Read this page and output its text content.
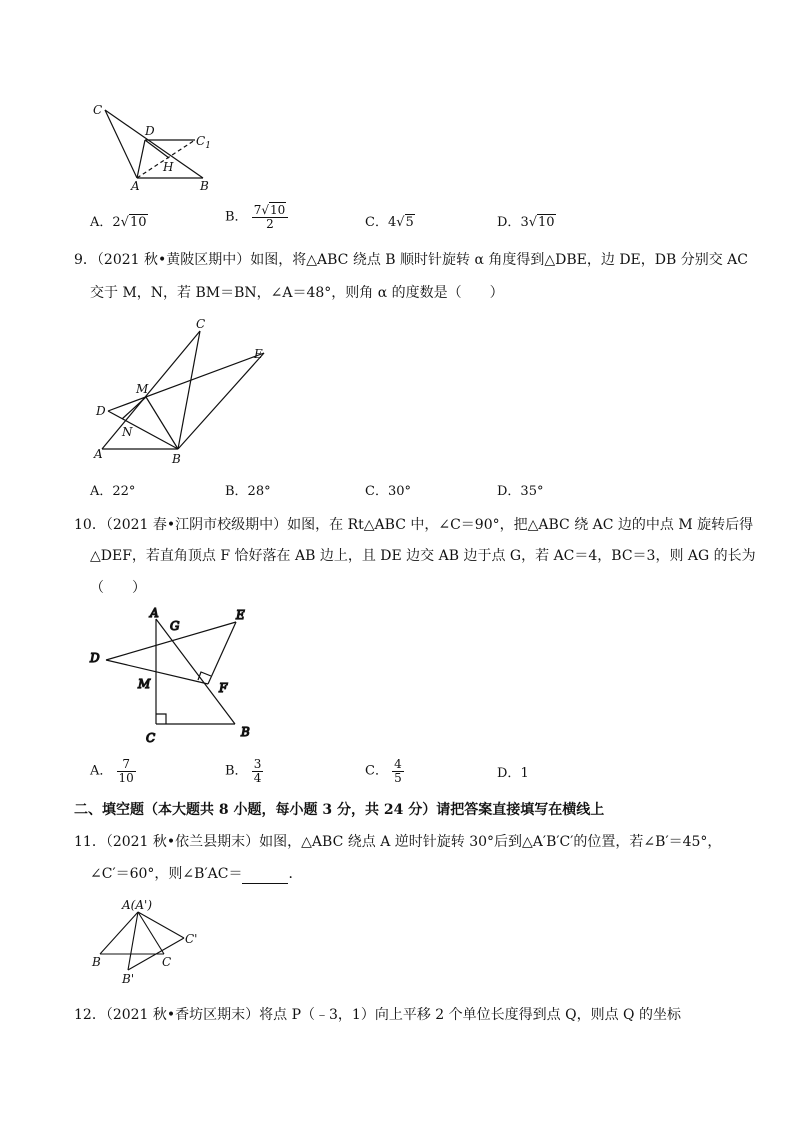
C
D
$C_1$
H
A	B
A．2√10	B． $\frac{7√10}{2}$	C．4√5	D．3√10
9．（2021 秋•黄陂区期中）如图，将△ABC 绕点 B 顺时针旋转 α 角度得到△DBE，边 DE，DB 分别交 AC
交于 M，N，若 BM＝BN，∠A＝48°，则角 α 的度数是（　　）
C
E
M
D
N
A	B
A．22°	B．28°	C．30°	D．35°
10．（2021 春•江阴市校级期中）如图，在 Rt△ABC 中，∠C＝90°，把△ABC 绕 AC 边的中点 M 旋转后得
△DEF，若直角顶点 F 恰好落在 AB 边上，且 DE 边交 AB 边于点 G，若 AC＝4，BC＝3，则 AG 的长为
（　　）
A
G
E
D
M	F
C	B
A． $\frac{7}{10}$	B． $\frac{3}{4}$	C． $\frac{4}{5}$	D．1
二、填空题（本大题共 8 小题，每小题 3 分，共 24 分）请把答案直接填写在横线上
11．（2021 秋•依兰县期末）如图，△ABC 绕点 A 逆时针旋转 30°后到△A′B′C′的位置，若∠B′＝45°，
∠C′＝60°，则∠B′AC＝	．
A(A')
C'
B	C
B'
12．（2021 秋•香坊区期末）将点 P（﹣3，1）向上平移 2 个单位长度得到点 Q，则点 Q 的坐标
